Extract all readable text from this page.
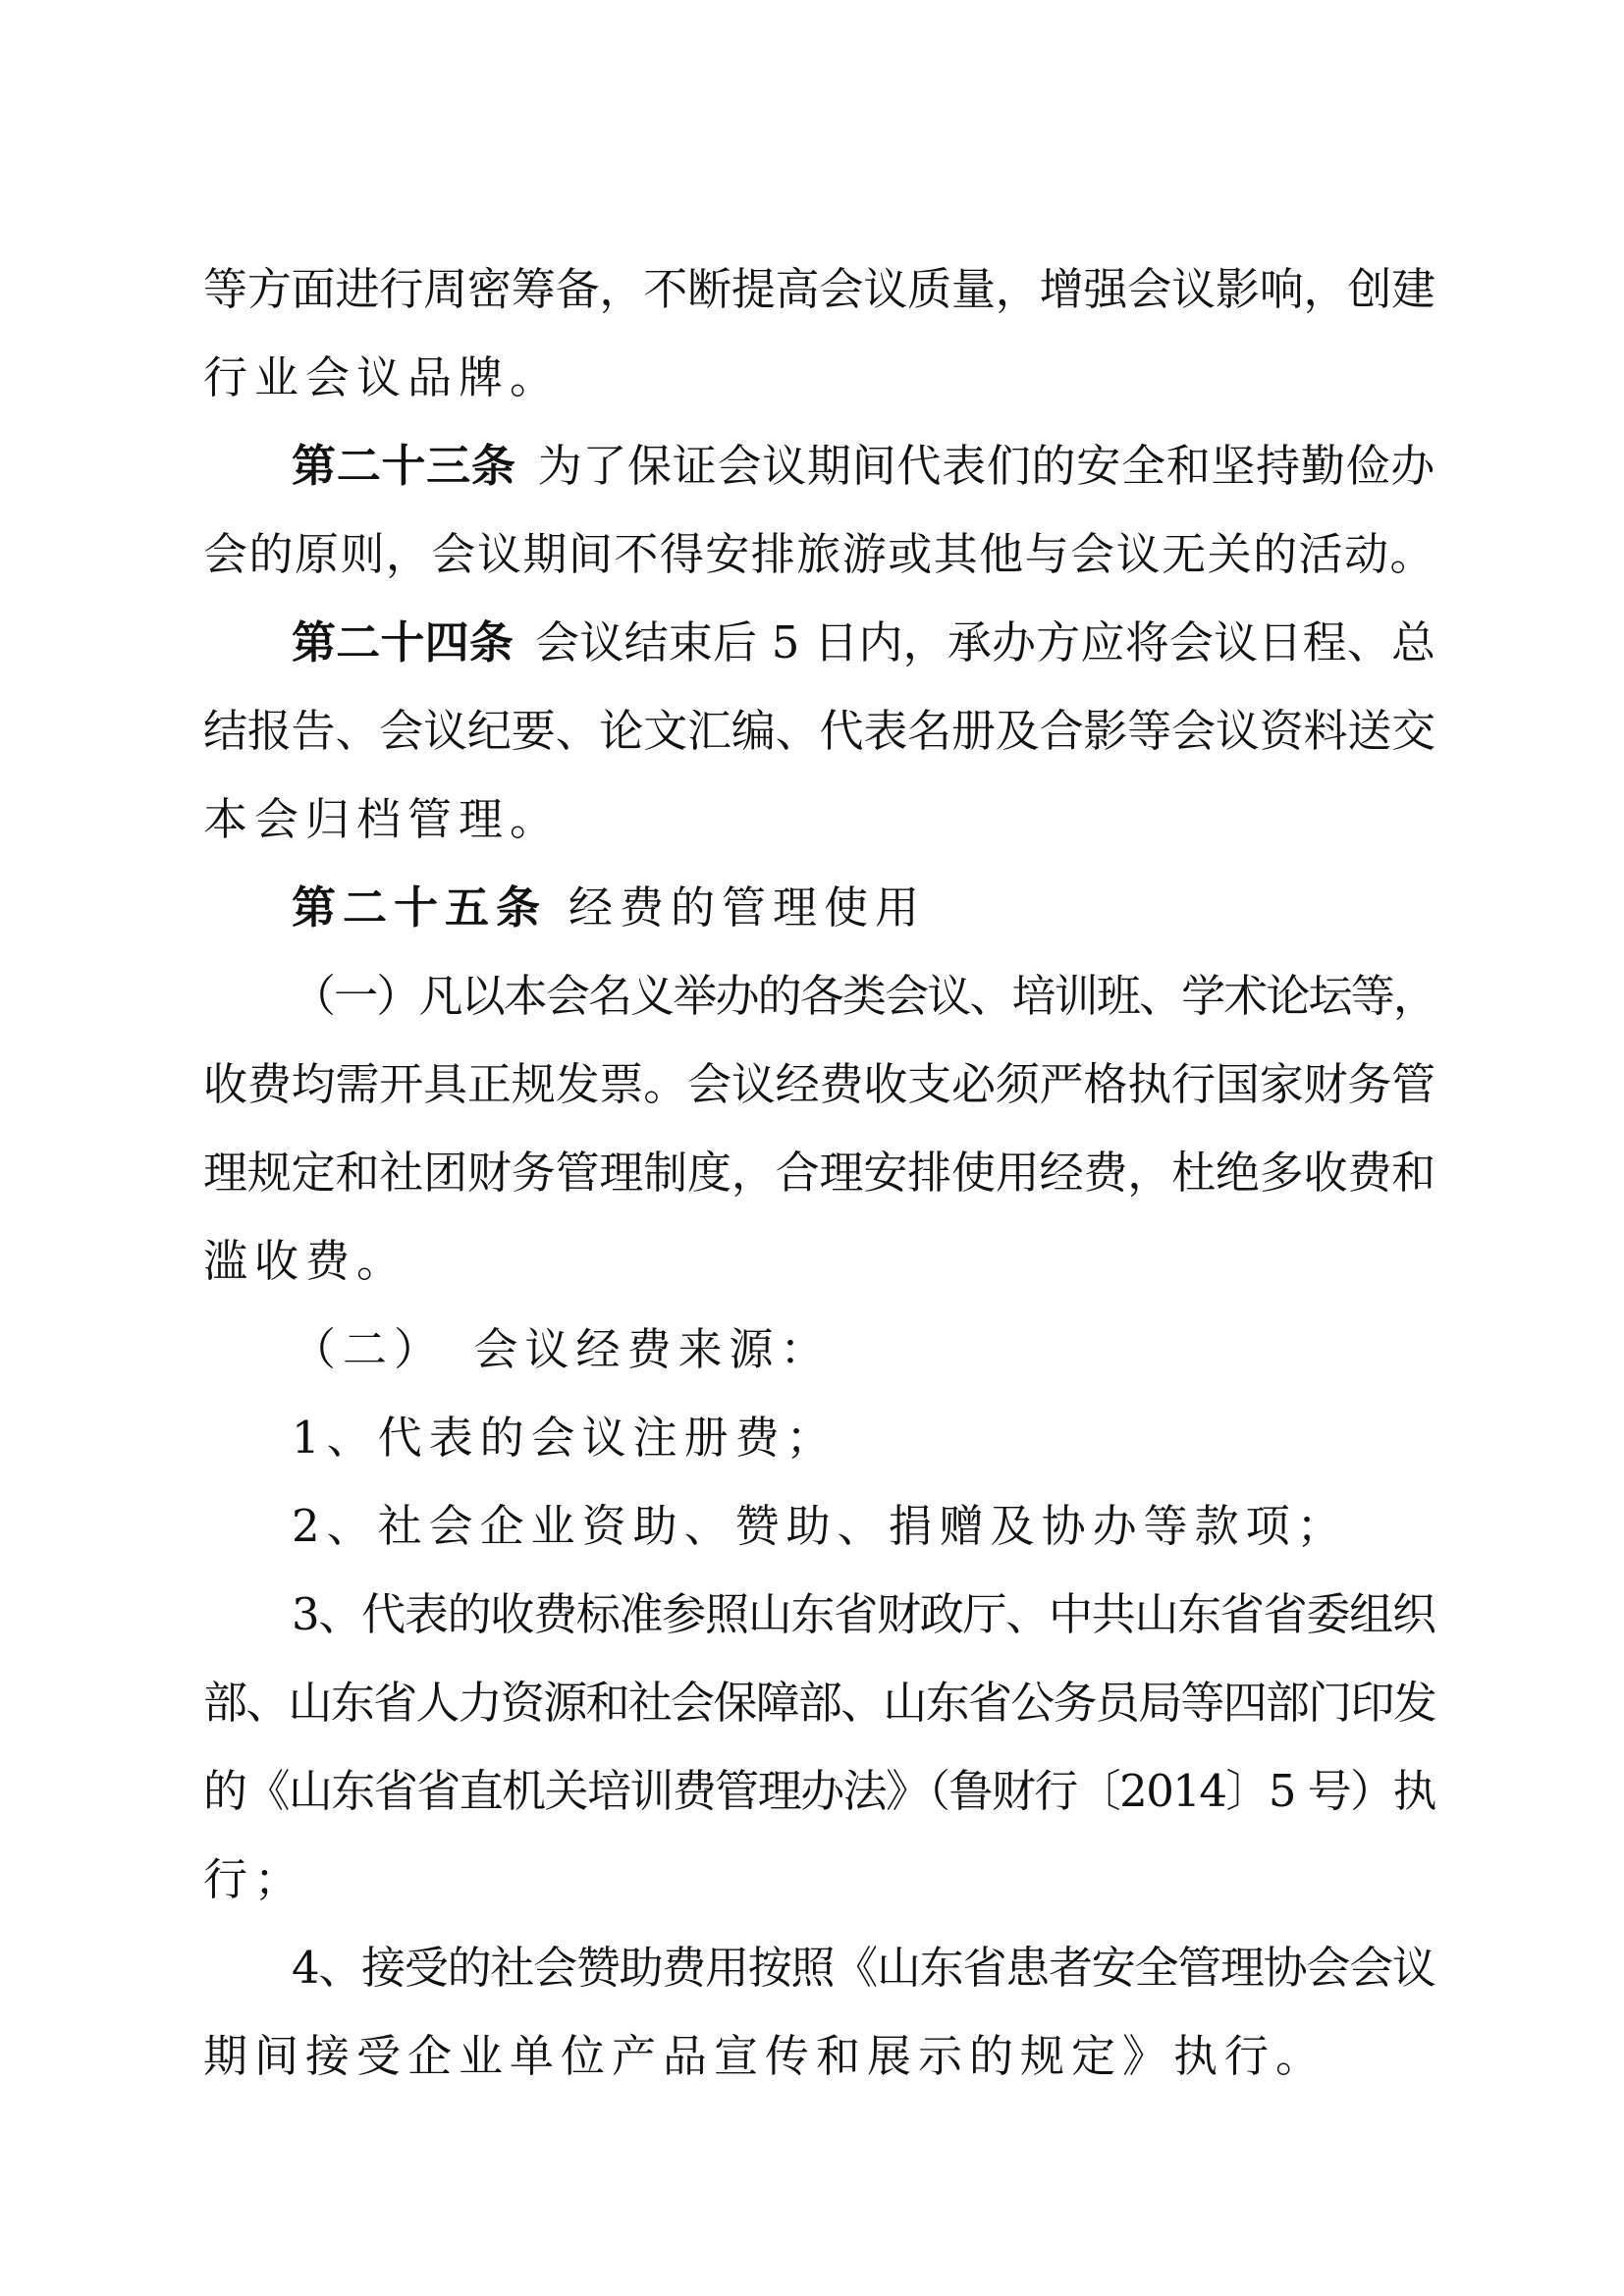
等方面进行周密筹备，不断提高会议质量，增强会议影响，创建
行业会议品牌。
第二十三条 为了保证会议期间代表们的安全和坚持勤俭办
会的原则，会议期间不得安排旅游或其他与会议无关的活动。
第二十四条 会议结束后 5 日内，承办方应将会议日程、总
结报告、会议纪要、论文汇编、代表名册及合影等会议资料送交
本会归档管理。
第二十五条 经费的管理使用
（一）凡以本会名义举办的各类会议、培训班、学术论坛等，
收费均需开具正规发票。会议经费收支必须严格执行国家财务管
理规定和社团财务管理制度，合理安排使用经费，杜绝多收费和
滥收费。
（二）　会议经费来源：
1、代表的会议注册费；
2、社会企业资助、赞助、捐赠及协办等款项；
3、代表的收费标准参照山东省财政厅、中共山东省省委组织
部、山东省人力资源和社会保障部、山东省公务员局等四部门印发
的《山东省省直机关培训费管理办法》（鲁财行〔2014〕5 号）执
行；
4、接受的社会赞助费用按照《山东省患者安全管理协会会议
期间接受企业单位产品宣传和展示的规定》执行。
